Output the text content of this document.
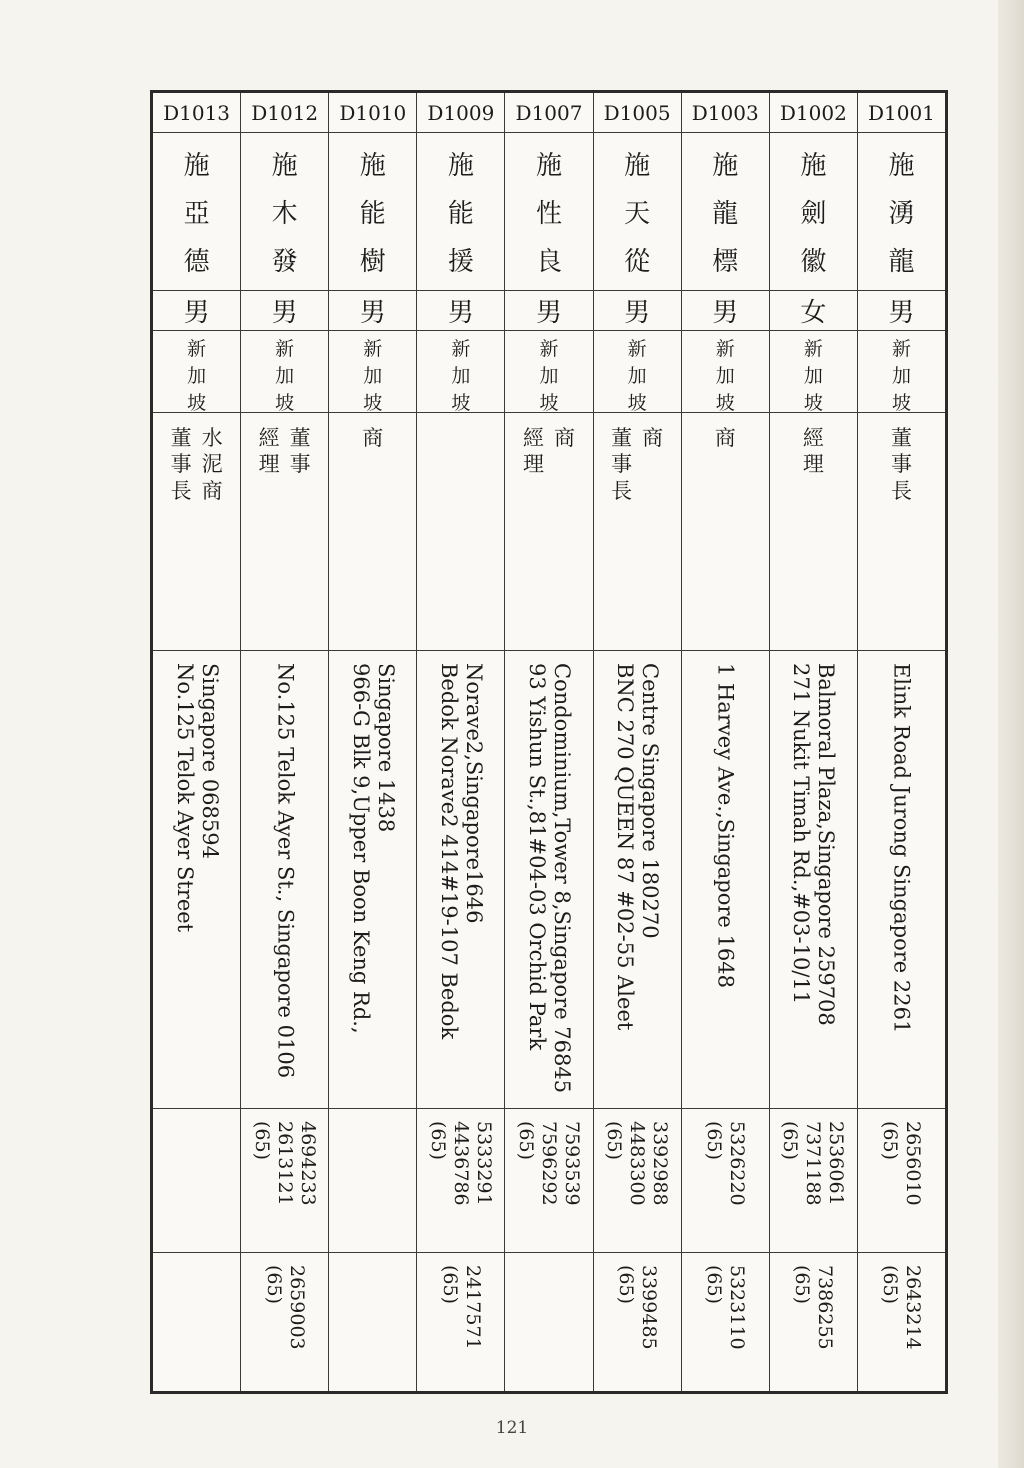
D1001
施
湧
龍
男
新
加
坡
董
事
長
Elink Road Jurong Singapore 2261
(65) 2656010
(65) 2643214
D1002
施
劍
徽
女
新
加
坡
經
理
271 Nukit Timah Rd.,#03-10/11 Balmoral Plaza,Singapore 259708
(65) 7371188 2536061
(65) 7386255
D1003
施
龍
標
男
新
加
坡
商
1 Harvey Ave.,Singapore 1648
(65) 5326220
(65) 5323110
D1005
施
天
從
男
新
加
坡
商
董
事
長
BNC 270 QUEEN 87 #02-55 Aleet Centre Singapore 180270
(65) 4483300 3392988
(65) 3399485
D1007
施
性
良
男
新
加
坡
商
經
理
93 Yishun St.,81#04-03 Orchid Park Condominium,Tower 8,Singapore 76845
(65) 7596292 7593539
D1009
施
能
援
男
新
加
坡
Bedok Norave2 414#19-107 Bedok Norave2,Singapore1646
(65) 4436786 5333291
(65) 2417571
D1010
施
能
樹
男
新
加
坡
商
966-G Blk 9,Upper Boon Keng Rd., Singapore 1438
D1012
施
木
發
男
新
加
坡
董
事
經
理
No.125 Telok Ayer St., Singapore 0106
(65) 2613121 4694233
(65) 2659003
D1013
施
亞
德
男
新
加
坡
水
泥
商
董
事
長
No.125 Telok Ayer Street Singapore 068594
121
